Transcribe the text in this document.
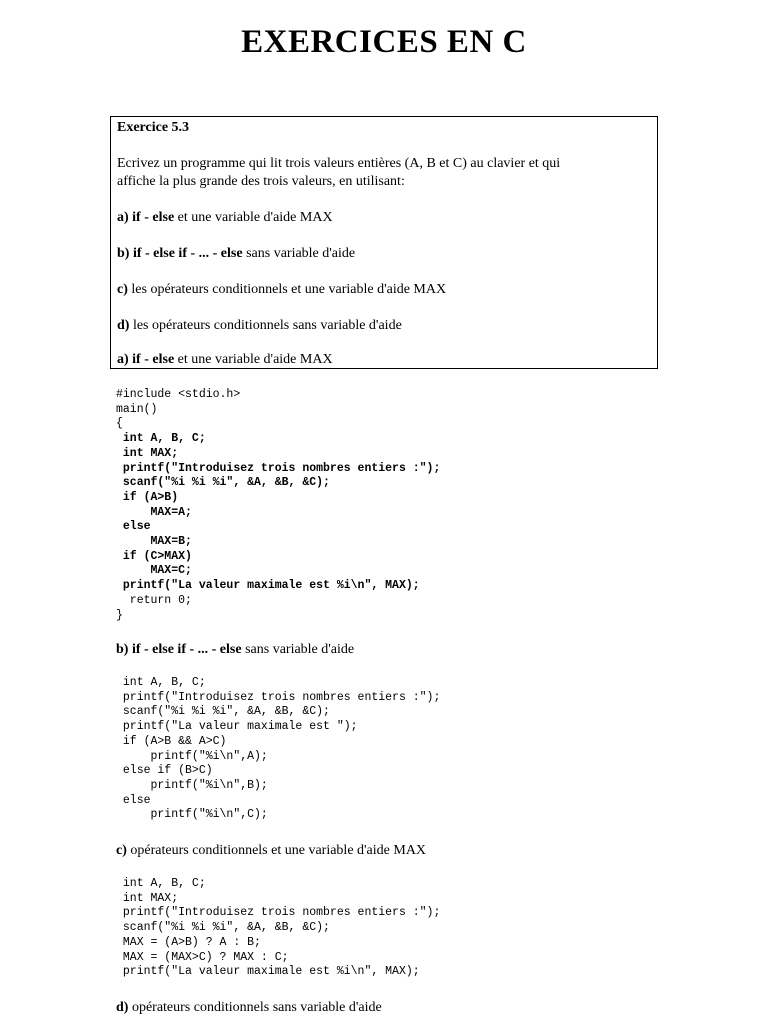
EXERCICES EN C
Exercice 5.3
Ecrivez un programme qui lit trois valeurs entières (A, B et C) au clavier et qui
affiche la plus grande des trois valeurs, en utilisant:
a) if - else et une variable d'aide MAX
b) if - else if - ... - else sans variable d'aide
c) les opérateurs conditionnels et une variable d'aide MAX
d) les opérateurs conditionnels sans variable d'aide
a) if - else et une variable d'aide MAX
#include <stdio.h>
main()
{
int A, B, C;
int MAX;
printf("Introduisez trois nombres entiers :");
scanf("%i %i %i", &A, &B, &C);
if (A>B)
MAX=A;
else
MAX=B;
if (C>MAX)
MAX=C;
printf("La valeur maximale est %i\n", MAX);
return 0;
}
b) if - else if - ... - else sans variable d'aide
int A, B, C;
printf("Introduisez trois nombres entiers :");
scanf("%i %i %i", &A, &B, &C);
printf("La valeur maximale est ");
if (A>B && A>C)
printf("%i\n",A);
else if (B>C)
printf("%i\n",B);
else
printf("%i\n",C);
c) opérateurs conditionnels et une variable d'aide MAX
int A, B, C;
int MAX;
printf("Introduisez trois nombres entiers :");
scanf("%i %i %i", &A, &B, &C);
MAX = (A>B) ? A : B;
MAX = (MAX>C) ? MAX : C;
printf("La valeur maximale est %i\n", MAX);
d) opérateurs conditionnels sans variable d'aide
